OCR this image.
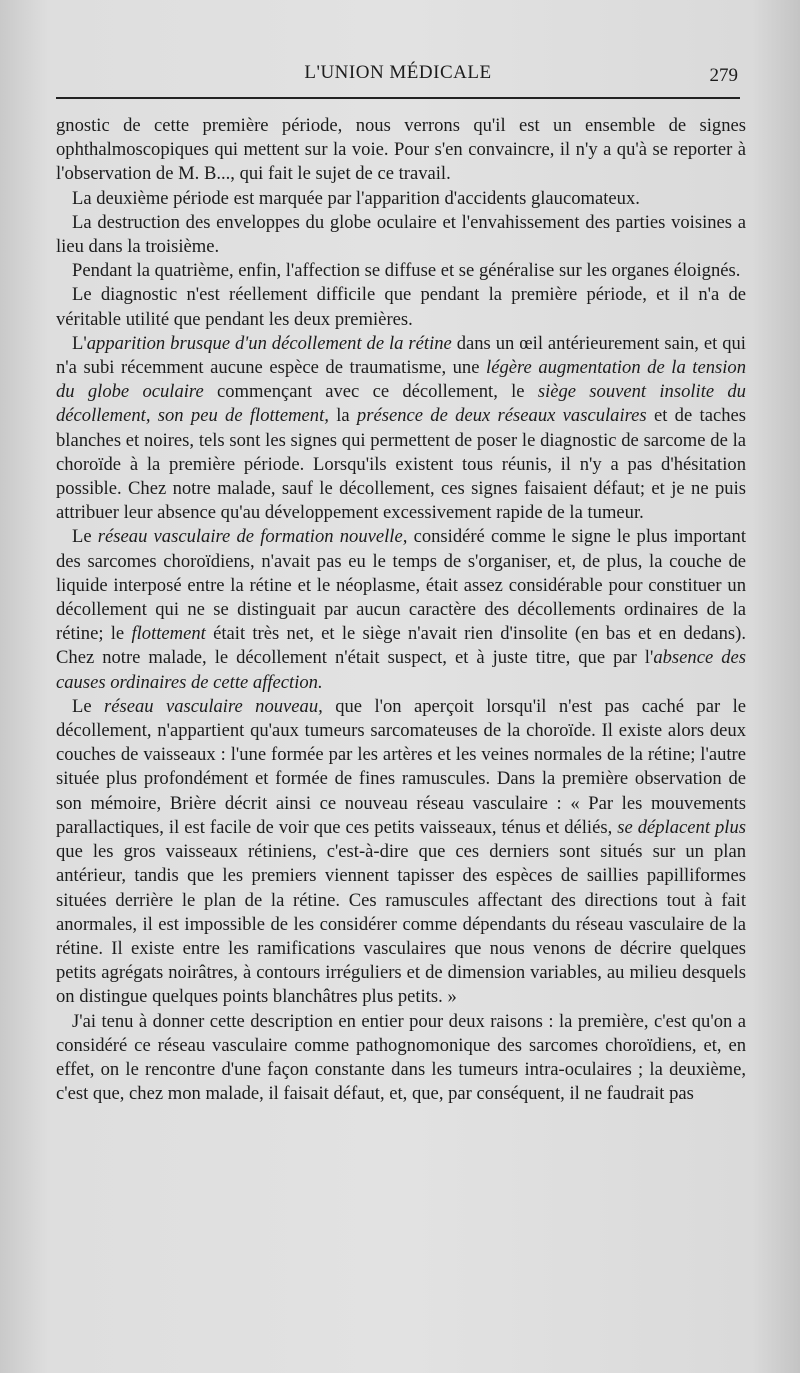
L'UNION MÉDICALE	279

gnostic de cette première période, nous verrons qu'il est un ensemble de signes ophthalmoscopiques qui mettent sur la voie. Pour s'en convaincre, il n'y a qu'à se reporter à l'observation de M. B..., qui fait le sujet de ce travail.

La deuxième période est marquée par l'apparition d'accidents glaucomateux.

La destruction des enveloppes du globe oculaire et l'envahissement des parties voisines a lieu dans la troisième.

Pendant la quatrième, enfin, l'affection se diffuse et se généralise sur les organes éloignés.

Le diagnostic n'est réellement difficile que pendant la première période, et il n'a de véritable utilité que pendant les deux premières.

L'apparition brusque d'un décollement de la rétine dans un œil antérieurement sain, et qui n'a subi récemment aucune espèce de traumatisme, une légère augmentation de la tension du globe oculaire commençant avec ce décollement, le siège souvent insolite du décollement, son peu de flottement, la présence de deux réseaux vasculaires et de taches blanches et noires, tels sont les signes qui permettent de poser le diagnostic de sarcome de la choroïde à la première période. Lorsqu'ils existent tous réunis, il n'y a pas d'hésitation possible. Chez notre malade, sauf le décollement, ces signes faisaient défaut; et je ne puis attribuer leur absence qu'au développement excessivement rapide de la tumeur.

Le réseau vasculaire de formation nouvelle, considéré comme le signe le plus important des sarcomes choroïdiens, n'avait pas eu le temps de s'organiser, et, de plus, la couche de liquide interposé entre la rétine et le néoplasme, était assez considérable pour constituer un décollement qui ne se distinguait par aucun caractère des décollements ordinaires de la rétine; le flottement était très net, et le siège n'avait rien d'insolite (en bas et en dedans). Chez notre malade, le décollement n'était suspect, et à juste titre, que par l'absence des causes ordinaires de cette affection.

Le réseau vasculaire nouveau, que l'on aperçoit lorsqu'il n'est pas caché par le décollement, n'appartient qu'aux tumeurs sarcomateuses de la choroïde. Il existe alors deux couches de vaisseaux : l'une formée par les artères et les veines normales de la rétine; l'autre située plus profondément et formée de fines ramuscules. Dans la première observation de son mémoire, Brière décrit ainsi ce nouveau réseau vasculaire : « Par les mouvements parallactiques, il est facile de voir que ces petits vaisseaux, ténus et déliés, se déplacent plus que les gros vaisseaux rétiniens, c'est-à-dire que ces derniers sont situés sur un plan antérieur, tandis que les premiers viennent tapisser des espèces de saillies papilliformes situées derrière le plan de la rétine. Ces ramuscules affectant des directions tout à fait anormales, il est impossible de les considérer comme dépendants du réseau vasculaire de la rétine. Il existe entre les ramifications vasculaires que nous venons de décrire quelques petits agrégats noirâtres, à contours irréguliers et de dimension variables, au milieu desquels on distingue quelques points blanchâtres plus petits. »

J'ai tenu à donner cette description en entier pour deux raisons : la première, c'est qu'on a considéré ce réseau vasculaire comme pathognomonique des sarcomes choroïdiens, et, en effet, on le rencontre d'une façon constante dans les tumeurs intra-oculaires ; la deuxième, c'est que, chez mon malade, il faisait défaut, et, que, par conséquent, il ne faudrait pas
